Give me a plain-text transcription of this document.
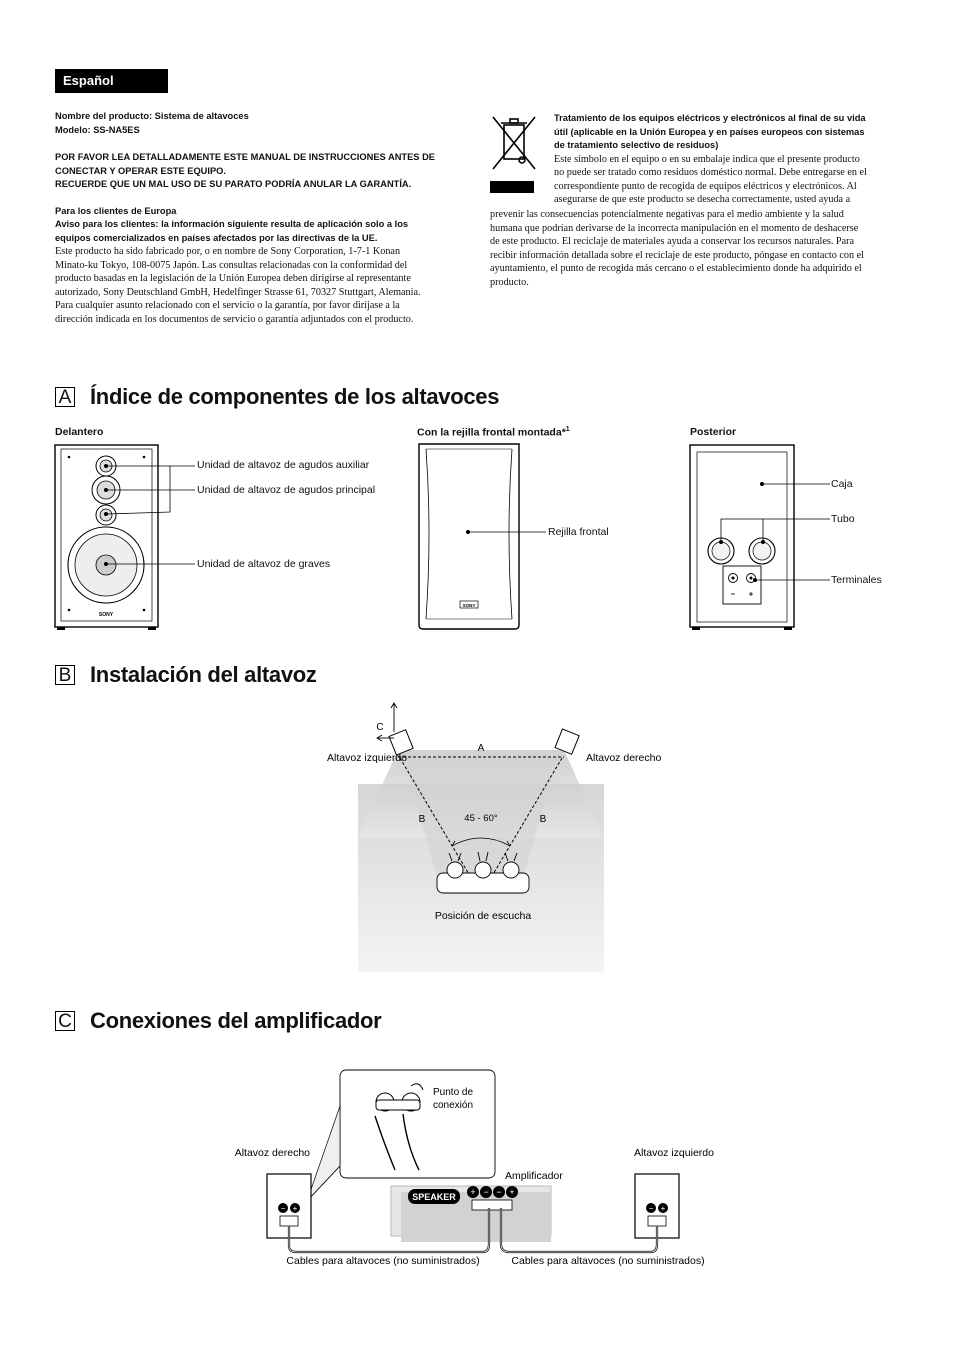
Español
Nombre del producto: Sistema de altavoces
Modelo: SS-NA5ES
POR FAVOR LEA DETALLADAMENTE ESTE MANUAL DE INSTRUCCIONES ANTES DE
CONECTAR Y OPERAR ESTE EQUIPO.
RECUERDE QUE UN MAL USO DE SU PARATO PODRÍA ANULAR LA GARANTÍA.
Para los clientes de Europa
Aviso para los clientes: la información siguiente resulta de aplicación solo a los
equipos comercializados en países afectados por las directivas de la UE.
Este producto ha sido fabricado por, o en nombre de Sony Corporation, 1-7-1 Konan
Minato-ku Tokyo, 108-0075 Japón. Las consultas relacionadas con la conformidad del
producto basadas en la legislación de la Unión Europea deben dirigirse al representante
autorizado, Sony Deutschland GmbH, Hedelfinger Strasse 61, 70327 Stuttgart, Alemania.
Para cualquier asunto relacionado con el servicio o la garantía, por favor diríjase a la
dirección indicada en los documentos de servicio o garantía adjuntados con el producto.
Tratamiento de los equipos eléctricos y electrónicos al final de su vida
útil (aplicable en la Unión Europea y en países europeos con sistemas
de tratamiento selectivo de residuos)
Este símbolo en el equipo o en su embalaje indica que el presente producto
no puede ser tratado como residuos doméstico normal. Debe entregarse en el
correspondiente punto de recogida de equipos eléctricos y electrónicos. Al
asegurarse de que este producto se desecha correctamente, usted ayuda a
prevenir las consecuencias potencialmente negativas para el medio ambiente y la salud
humana que podrían derivarse de la incorrecta manipulación en el momento de deshacerse
de este producto. El reciclaje de materiales ayuda a conservar los recursos naturales. Para
recibir información detallada sobre el reciclaje de este producto, póngase en contacto con el
ayuntamiento, el punto de recogida más cercano o el establecimiento donde ha adquirido el
producto.
A Índice de componentes de los altavoces
Delantero	Con la rejilla frontal montada*$^1$	Posterior
SONY
Unidad de altavoz de agudos auxiliar
Unidad de altavoz de agudos principal
Unidad de altavoz de graves
SONY
Rejilla frontal
Caja
Tubo
Terminales
B Instalación del altavoz
Altavoz izquierdo	Altavoz derecho
A
B	B
C
45 - 60°
Posición de escucha
C Conexiones del amplificador
Punto de
conexión
− +	− +
SPEAKER + − − +
Altavoz derecho	Altavoz izquierdo
Amplificador
Cables para altavoces (no suministrados)	Cables para altavoces (no suministrados)
